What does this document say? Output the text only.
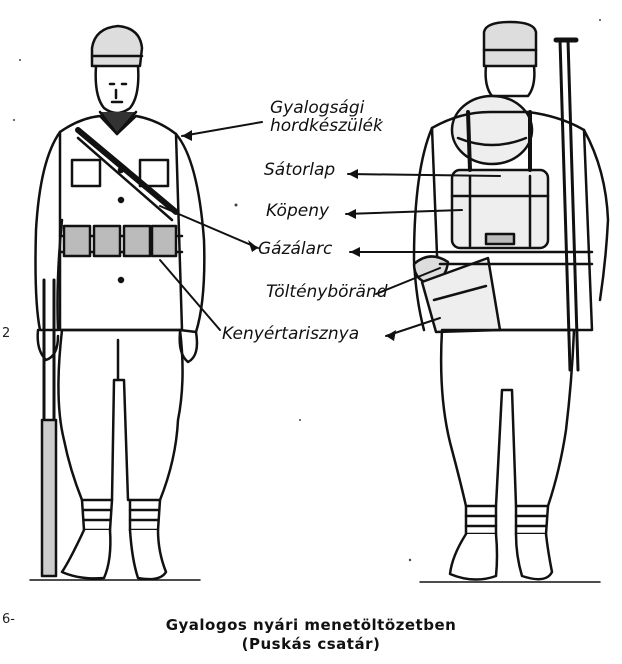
Gyalogsági
hordkészülék
Sátorlap
Köpeny
Gázálarc
Töltényböränd
Kenyértarisznya
2
6-	Gyalogos nyári menetöltözetben
(Puskás csatár)
